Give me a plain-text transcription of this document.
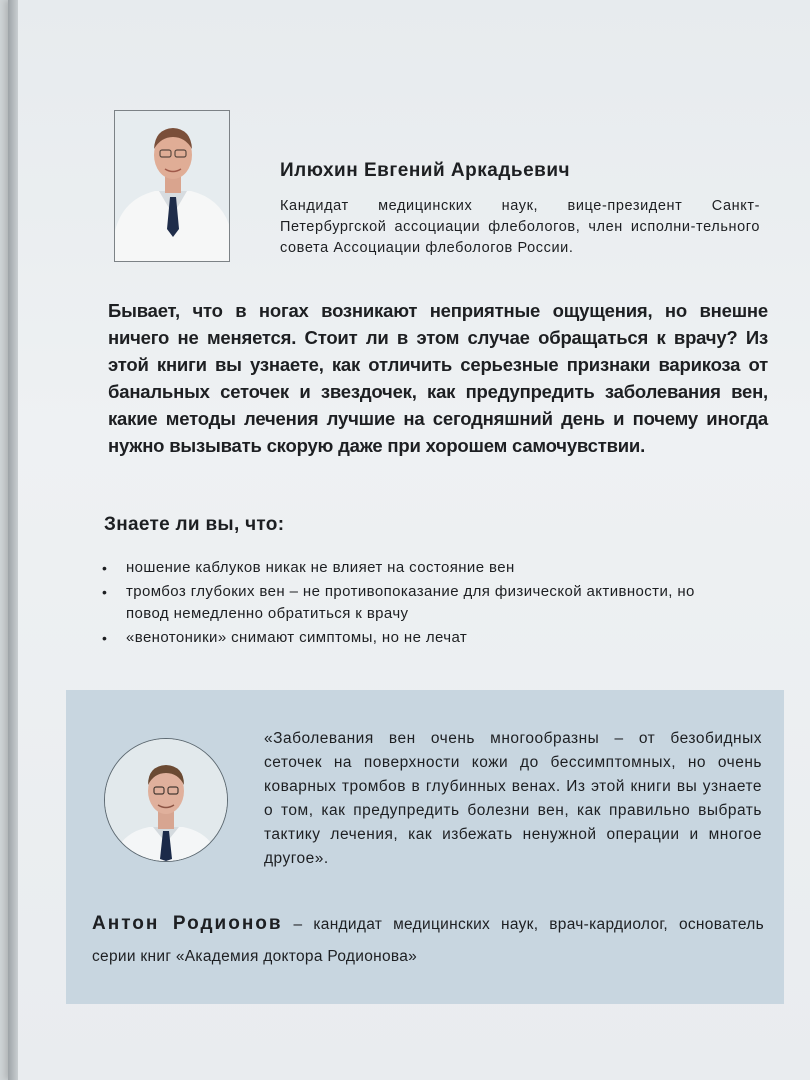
Илюхин Евгений Аркадьевич
Кандидат медицинских наук, вице-президент Санкт-Петербургской ассоциации флебологов, член исполни-тельного совета Ассоциации флебологов России.
Бывает, что в ногах возникают неприятные ощущения, но внешне ничего не меняется. Стоит ли в этом случае обращаться к врачу? Из этой книги вы узнаете, как отличить серьезные признаки варикоза от банальных сеточек и звездочек, как предупредить заболевания вен, какие методы лечения лучшие на сегодняшний день и почему иногда нужно вызывать скорую даже при хорошем самочувствии.
Знаете ли вы, что:
• ношение каблуков никак не влияет на состояние вен
• тромбоз глубоких вен – не противопоказание для физической активности, но повод немедленно обратиться к врачу
• «венотоники» снимают симптомы, но не лечат
«Заболевания вен очень многообразны – от безобидных сеточек на поверхности кожи до бессимптомных, но очень коварных тромбов в глубинных венах. Из этой книги вы узнаете о том, как предупредить болезни вен, как правильно выбрать тактику лечения, как избежать ненужной операции и многое другое».
Антон Родионов – кандидат медицинских наук, врач-кардиолог, основатель серии книг «Академия доктора Родионова»
